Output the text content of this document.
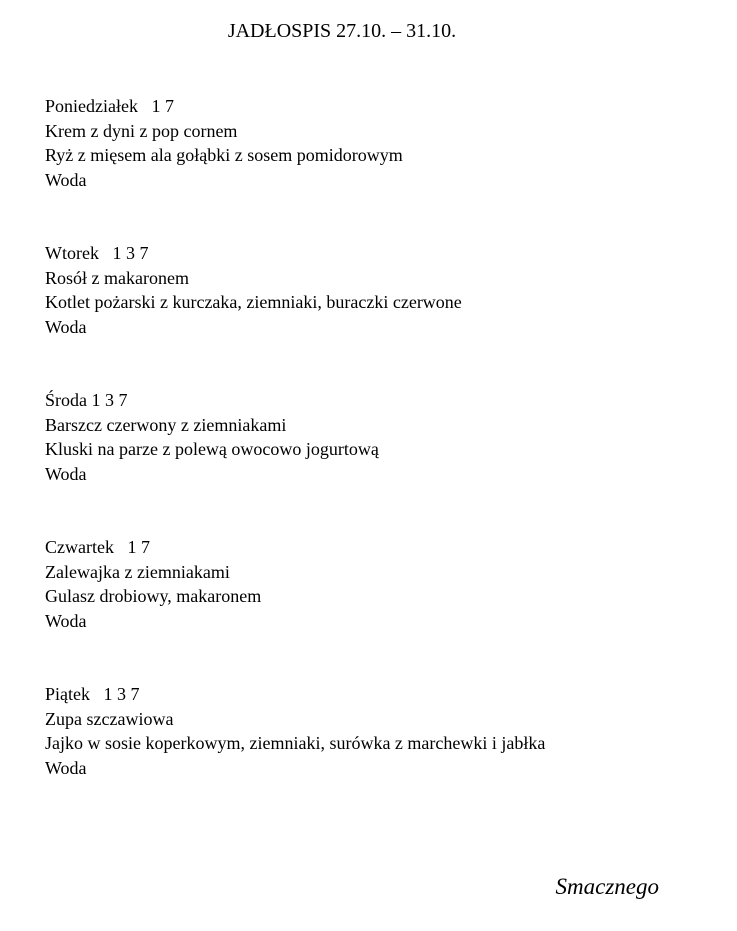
JADŁOSPIS 27.10. – 31.10.
Poniedziałek   1 7
Krem z dyni z pop cornem
Ryż z mięsem ala gołąbki z sosem pomidorowym
Woda
Wtorek   1 3 7
Rosół z makaronem
Kotlet pożarski z kurczaka, ziemniaki, buraczki czerwone
Woda
Środa 1 3 7
Barszcz czerwony z ziemniakami
Kluski na parze z polewą owocowo jogurtową
Woda
Czwartek   1 7
Zalewajka z ziemniakami
Gulasz drobiowy, makaronem
Woda
Piątek   1 3 7
Zupa szczawiowa
Jajko w sosie koperkowym, ziemniaki, surówka z marchewki i jabłka
Woda
Smacznego
